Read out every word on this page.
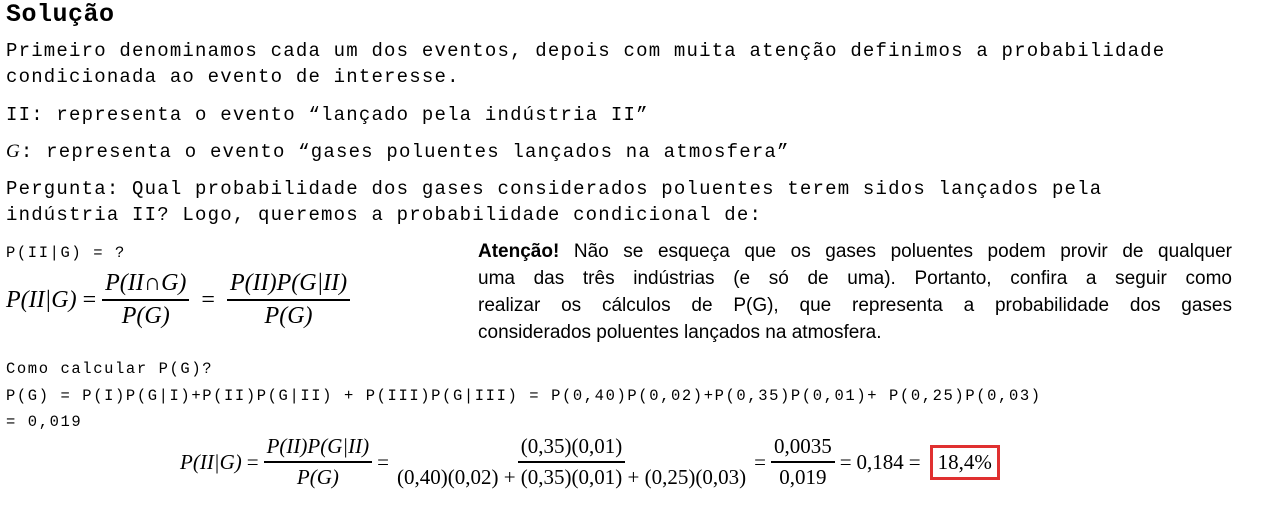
Solução
Primeiro denominamos cada um dos eventos, depois com muita atenção definimos a probabilidade
condicionada ao evento de interesse.
II: representa o evento “lançado pela indústria II”
G: representa o evento “gases poluentes lançados na atmosfera”
Pergunta: Qual probabilidade dos gases considerados poluentes terem sidos lançados pela
indústria II? Logo, queremos a probabilidade condicional de:
P(II|G) = ?
$P(II|G) = \frac{P(II\cap G)}{P(G)} = \frac{P(II)P(G|II)}{P(G)}$
Atenção! Não se esqueça que os gases poluentes podem provir de qualquer
uma das três indústrias (e só de uma). Portanto, confira a seguir como
realizar os cálculos de P(G), que representa a probabilidade dos gases
considerados poluentes lançados na atmosfera.
Como calcular P(G)?
P(G) = P(I)P(G|I)+P(II)P(G|II) + P(III)P(G|III) = P(0,40)P(0,02)+P(0,35)P(0,01)+ P(0,25)P(0,03)
= 0,019
$P(II|G) = \frac{P(II)P(G|II)}{P(G)} = \frac{(0,35)(0,01)}{(0,40)(0,02) + (0,35)(0,01) + (0,25)(0,03)} = \frac{0,0035}{0,019} = 0,184 = 18,4\%$
